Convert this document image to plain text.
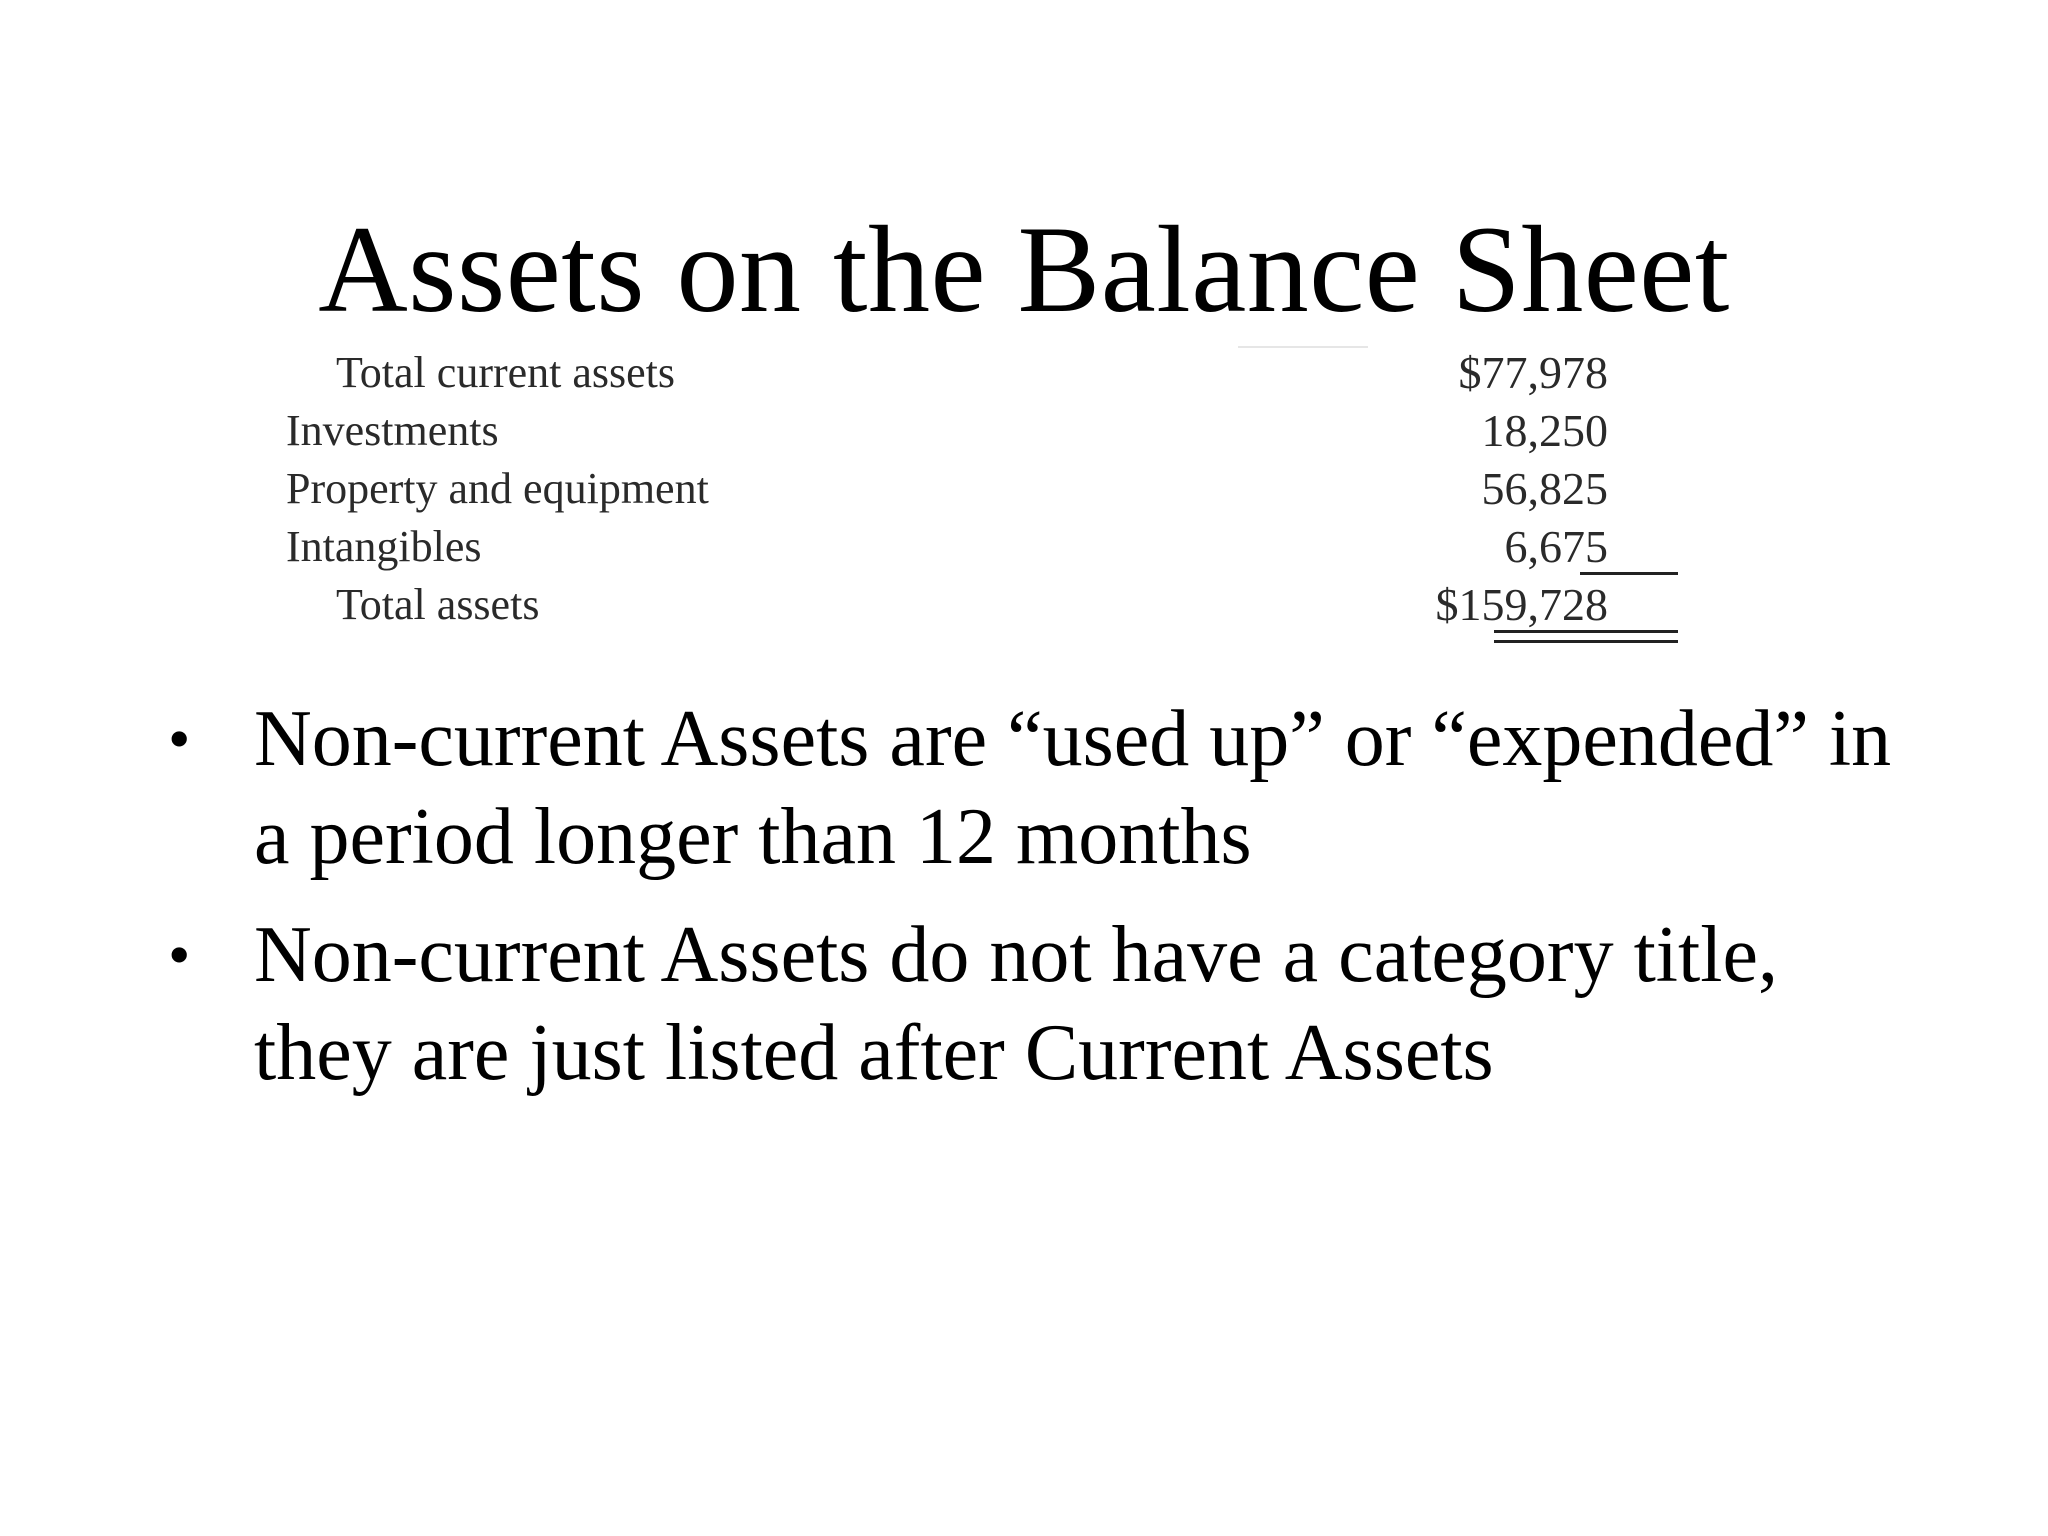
Assets on the Balance Sheet
Total current assets	$77,978
Investments	18,250
Property and equipment	56,825
Intangibles	6,675
Total assets	$159,728
• Non-current Assets are “used up” or “expended” in a period longer than 12 months
• Non-current Assets do not have a category title, they are just listed after Current Assets
